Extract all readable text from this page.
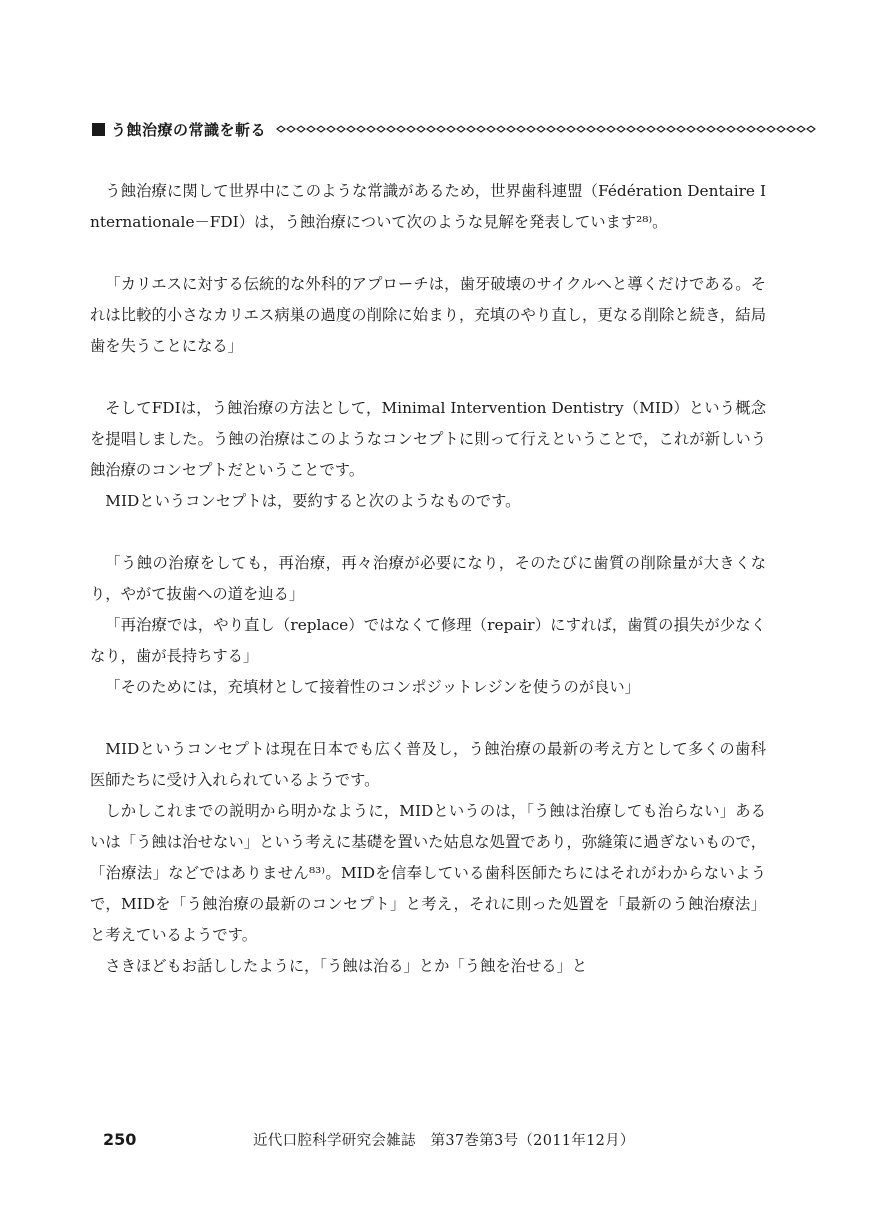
う蝕治療の常識を斬る

う蝕治療に関して世界中にこのような常識があるため，世界歯科連盟（Fédération Dentaire Internationale－FDI）は，う蝕治療について次のような見解を発表しています²⁸⁾。

「カリエスに対する伝統的な外科的アプローチは，歯牙破壊のサイクルへと導くだけである。それは比較的小さなカリエス病巣の過度の削除に始まり，充填のやり直し，更なる削除と続き，結局歯を失うことになる」

そしてFDIは，う蝕治療の方法として，Minimal Intervention Dentistry（MID）という概念を提唱しました。う蝕の治療はこのようなコンセプトに則って行えということで，これが新しいう蝕治療のコンセプトだということです。

MIDというコンセプトは，要約すると次のようなものです。

「う蝕の治療をしても，再治療，再々治療が必要になり，そのたびに歯質の削除量が大きくなり，やがて抜歯への道を辿る」

「再治療では，やり直し（replace）ではなくて修理（repair）にすれば，歯質の損失が少なくなり，歯が長持ちする」

「そのためには，充填材として接着性のコンポジットレジンを使うのが良い」

MIDというコンセプトは現在日本でも広く普及し，う蝕治療の最新の考え方として多くの歯科医師たちに受け入れられているようです。

しかしこれまでの説明から明かなように，MIDというのは，「う蝕は治療しても治らない」あるいは「う蝕は治せない」という考えに基礎を置いた姑息な処置であり，弥縫策に過ぎないもので，「治療法」などではありません⁸³⁾。MIDを信奉している歯科医師たちにはそれがわからないようで，MIDを「う蝕治療の最新のコンセプト」と考え，それに則った処置を「最新のう蝕治療法」と考えているようです。

さきほどもお話ししたように，「う蝕は治る」とか「う蝕を治せる」と

250	近代口腔科学研究会雑誌　第37巻第3号（2011年12月）
